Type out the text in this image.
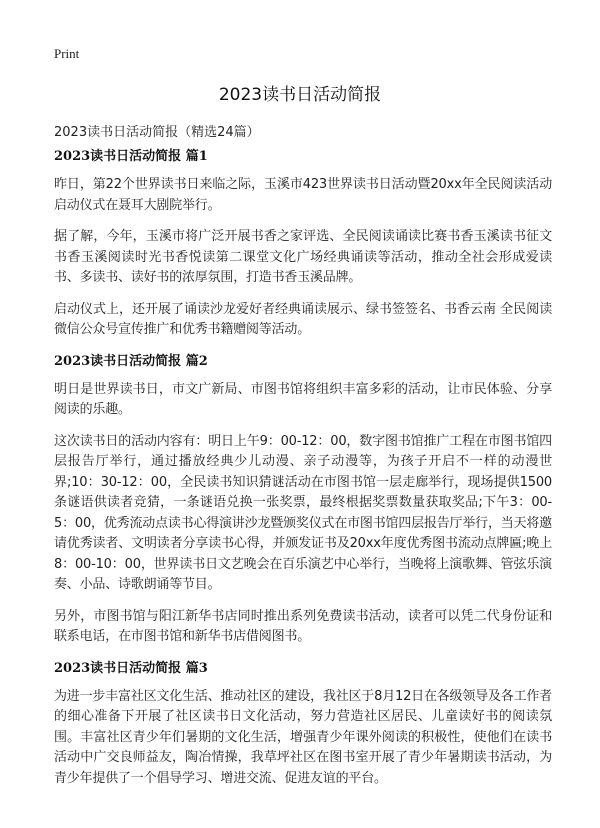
Print
2023读书日活动简报
2023读书日活动简报（精选24篇）
2023读书日活动简报 篇1

昨日，第22个世界读书日来临之际，玉溪市423世界读书日活动暨20xx年全民阅读活动启动仪式在聂耳大剧院举行。

据了解，今年，玉溪市将广泛开展书香之家评选、全民阅读诵读比赛书香玉溪读书征文书香玉溪阅读时光书香悦读第二课堂文化广场经典诵读等活动，推动全社会形成爱读书、多读书、读好书的浓厚氛围，打造书香玉溪品牌。

启动仪式上，还开展了诵读沙龙爱好者经典诵读展示、绿书签签名、书香云南 全民阅读微信公众号宣传推广和优秀书籍赠阅等活动。

2023读书日活动简报 篇2

明日是世界读书日，市文广新局、市图书馆将组织丰富多彩的活动，让市民体验、分享阅读的乐趣。

这次读书日的活动内容有：明日上午9：00-12：00，数字图书馆推广工程在市图书馆四层报告厅举行，通过播放经典少儿动漫、亲子动漫等，为孩子开启不一样的动漫世界;10：30-12：00，全民读书知识猜谜活动在市图书馆一层走廊举行，现场提供1500条谜语供读者竞猜，一条谜语兑换一张奖票，最终根据奖票数量获取奖品;下午3：00-5：00，优秀流动点读书心得演讲沙龙暨颁奖仪式在市图书馆四层报告厅举行，当天将邀请优秀读者、文明读者分享读书心得，并颁发证书及20xx年度优秀图书流动点牌匾;晚上8：00-10：00，世界读书日文艺晚会在百乐演艺中心举行，当晚将上演歌舞、管弦乐演奏、小品、诗歌朗诵等节目。

另外，市图书馆与阳江新华书店同时推出系列免费读书活动，读者可以凭二代身份证和联系电话，在市图书馆和新华书店借阅图书。

2023读书日活动简报 篇3

为进一步丰富社区文化生活、推动社区的建设，我社区于8月12日在各级领导及各工作者的细心准备下开展了社区读书日文化活动，努力营造社区居民、儿童读好书的阅读氛围。丰富社区青少年们暑期的文化生活，增强青少年课外阅读的积极性，使他们在读书活动中广交良师益友，陶冶情操，我草坪社区在图书室开展了青少年暑期读书活动，为青少年提供了一个倡导学习、增进交流、促进友谊的平台。
